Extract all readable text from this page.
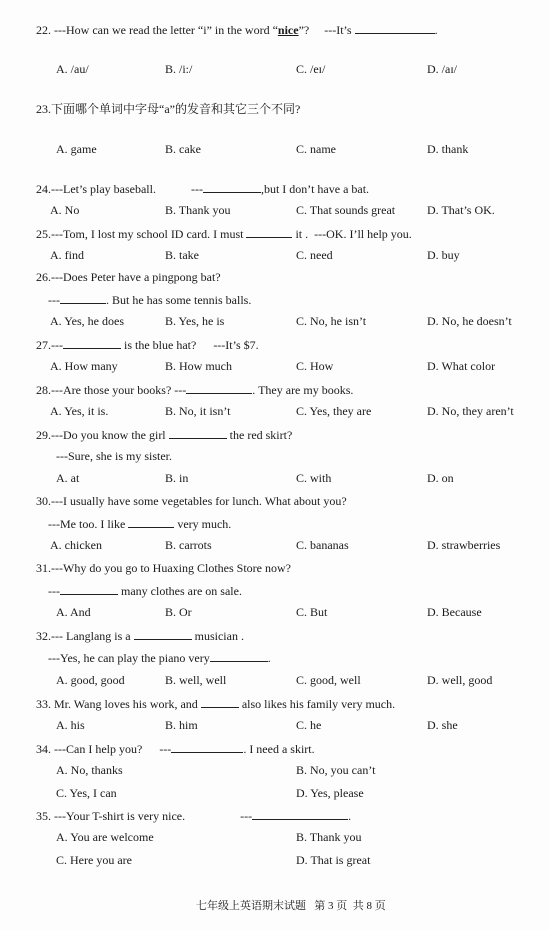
22. ---How can we read the letter “i” in the word “nice”?     ---It’s	.
A. /au/	B. /i:/	C. /eɪ/	D. /aɪ/
23.下面哪个单词中字母“a”的发音和其它三个不同?
A. game	B. cake	C. name	D. thank
24.---Let’s play baseball.	---	,but I don’t have a bat.
A. No	B. Thank you	C. That sounds great	D. That’s OK.
25.---Tom, I lost my school ID card. I must	it .  ---OK. I’ll help you.
A. find	B. take	C. need	D. buy
26.---Does Peter have a pingpong bat?
---	. But he has some tennis balls.
A. Yes, he does	B. Yes, he is	C. No, he isn’t	D. No, he doesn’t
27.---	is the blue hat? ---It’s $7.
A. How many	B. How much	C. How	D. What color
28.---Are those your books? ---	. They are my books.
A. Yes, it is.	B. No, it isn’t	C. Yes, they are	D. No, they aren’t
29.---Do you know the girl	the red skirt?
---Sure, she is my sister.
A. at	B. in	C. with	D. on
30.---I usually have some vegetables for lunch. What about you?
---Me too. I like	very much.
A. chicken	B. carrots	C. bananas	D. strawberries
31.---Why do you go to Huaxing Clothes Store now?
---	many clothes are on sale.
A. And	B. Or	C. But	D. Because
32.--- Langlang is a	musician .
---Yes, he can play the piano very	.
A. good, good	B. well, well	C. good, well	D. well, good
33. Mr. Wang loves his work, and	also likes his family very much.
A. his	B. him	C. he	D. she
34. ---Can I help you? ---	. I need a skirt.
A. No, thanks	B. No, you can’t
C. Yes, I can	D. Yes, please
35. ---Your T-shirt is very nice.	---	.
A. You are welcome	B. Thank you
C. Here you are	D. That is great
七年级上英语期末试题   第 3 页  共 8 页
